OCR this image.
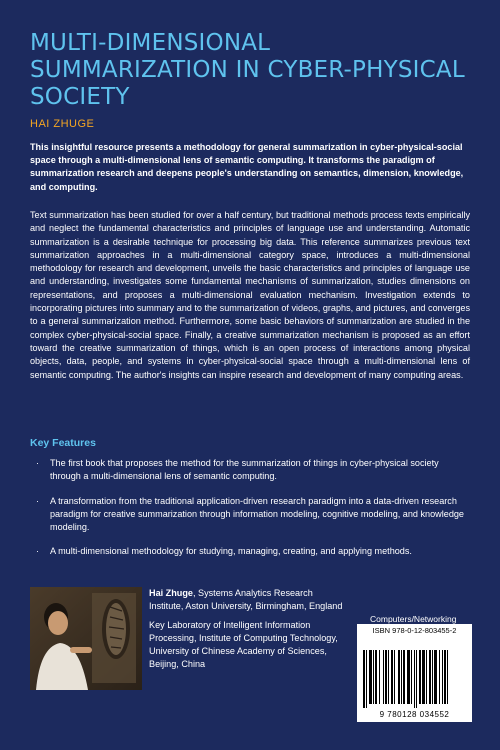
MULTI-DIMENSIONAL SUMMARIZATION IN CYBER-PHYSICAL SOCIETY
HAI ZHUGE

This insightful resource presents a methodology for general summarization in cyber-physical-social space through a multi-dimensional lens of semantic computing. It transforms the paradigm of summarization research and deepens people's understanding on semantics, dimension, knowledge, and computing.

Text summarization has been studied for over a half century, but traditional methods process texts empirically and neglect the fundamental characteristics and principles of language use and understanding. Automatic summarization is a desirable technique for processing big data. This reference summarizes previous text summarization approaches in a multi-dimensional category space, introduces a multi-dimensional methodology for research and development, unveils the basic characteristics and principles of language use and understanding, investigates some fundamental mechanisms of summarization, studies dimensions on representations, and proposes a multi-dimensional evaluation mechanism. Investigation extends to incorporating pictures into summary and to the summarization of videos, graphs, and pictures, and converges to a general summarization method. Furthermore, some basic behaviors of summarization are studied in the complex cyber-physical-social space. Finally, a creative summarization mechanism is proposed as an effort toward the creative summarization of things, which is an open process of interactions among physical objects, data, people, and systems in cyber-physical-social space through a multi-dimensional lens of semantic computing. The author's insights can inspire research and development of many computing areas.

Key Features
· The first book that proposes the method for the summarization of things in cyber-physical society through a multi-dimensional lens of semantic computing.
· A transformation from the traditional application-driven research paradigm into a data-driven research paradigm for creative summarization through information modeling, cognitive modeling, and knowledge modeling.
· A multi-dimensional methodology for studying, managing, creating, and applying methods.

Hai Zhuge, Systems Analytics Research Institute, Aston University, Birmingham, England

Key Laboratory of Intelligent Information Processing, Institute of Computing Technology, University of Chinese Academy of Sciences, Beijing, China

Computers/Networking
ISBN 978-0-12-803455-2
9 780128 034552
